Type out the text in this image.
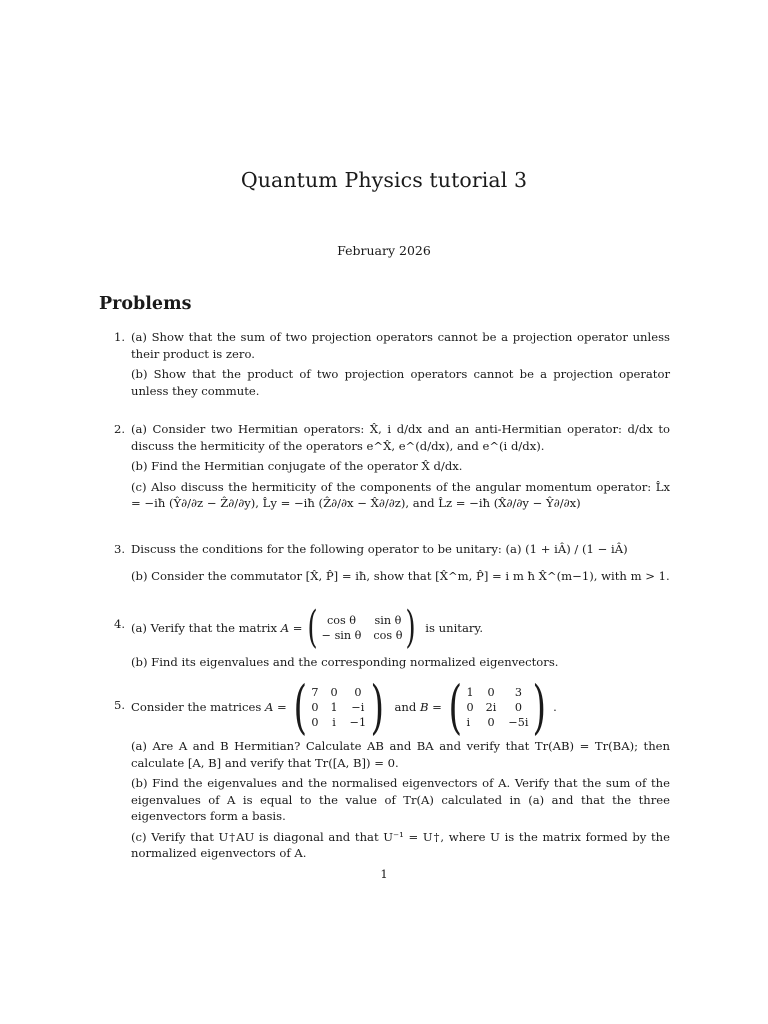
Quantum Physics tutorial 3
February 2026
Problems
1. (a) Show that the sum of two projection operators cannot be a projection operator unless their product is zero.
(b) Show that the product of two projection operators cannot be a projection operator unless they commute.
2. (a) Consider two Hermitian operators: X̂, i d/dx and an anti-Hermitian operator: d/dx to discuss the hermiticity of the operators e^X̂, e^(d/dx), and e^(i d/dx).
(b) Find the Hermitian conjugate of the operator X̂ d/dx.
(c) Also discuss the hermiticity of the components of the angular momentum operator: L̂x = −iħ (Ŷ∂/∂z − Ẑ∂/∂y), L̂y = −iħ (Ẑ∂/∂x − X̂∂/∂z), and L̂z = −iħ (X̂∂/∂y − Ŷ∂/∂x)
3. Discuss the conditions for the following operator to be unitary: (a) (1 + iÂ) / (1 − iÂ)
(b) Consider the commutator [X̂, P̂] = iħ, show that [X̂^m, P̂] = i m ħ X̂^(m−1), with m > 1.
4. (a) Verify that the matrix A = ( cos θ	sin θ
− sin θ cos θ ) is unitary.
(b) Find its eigenvalues and the corresponding normalized eigenvectors.
5. Consider the matrices A = ( 7 0	0
0 1 −i
0 i −1 ) and B = ( 1 0	3
0 2i	0
i	0 −5i ) .
(a) Are A and B Hermitian? Calculate AB and BA and verify that Tr(AB) = Tr(BA); then calculate [A, B] and verify that Tr([A, B]) = 0.
(b) Find the eigenvalues and the normalised eigenvectors of A. Verify that the sum of the eigenvalues of A is equal to the value of Tr(A) calculated in (a) and that the three eigenvectors form a basis.
(c) Verify that U†AU is diagonal and that U⁻¹ = U†, where U is the matrix formed by the normalized eigenvectors of A.
1
